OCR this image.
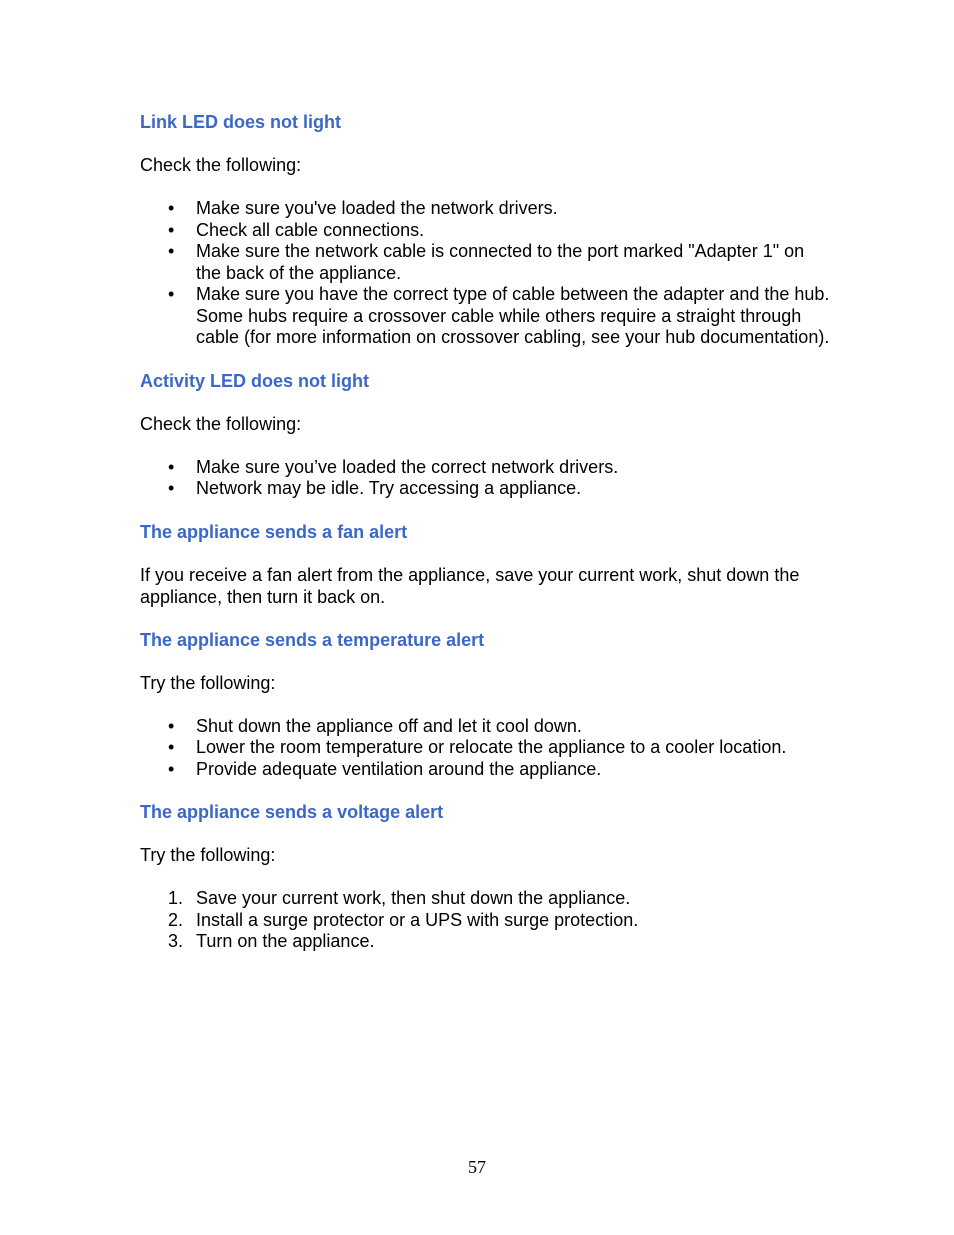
Link LED does not light

Check the following:

•	Make sure you've loaded the network drivers.
•	Check all cable connections.
•	Make sure the network cable is connected to the port marked "Adapter 1" on the back of the appliance.
•	Make sure you have the correct type of cable between the adapter and the hub. Some hubs require a crossover cable while others require a straight through cable (for more information on crossover cabling, see your hub documentation).
Activity LED does not light

Check the following:

•	Make sure you’ve loaded the correct network drivers.
•	Network may be idle. Try accessing a appliance.
The appliance sends a fan alert

If you receive a fan alert from the appliance, save your current work, shut down the appliance, then turn it back on.

The appliance sends a temperature alert

Try the following:

•	Shut down the appliance off and let it cool down.
•	Lower the room temperature or relocate the appliance to a cooler location.
•	Provide adequate ventilation around the appliance.
The appliance sends a voltage alert

Try the following:

1. Save your current work, then shut down the appliance.
2. Install a surge protector or a UPS with surge protection.
3. Turn on the appliance.
57
